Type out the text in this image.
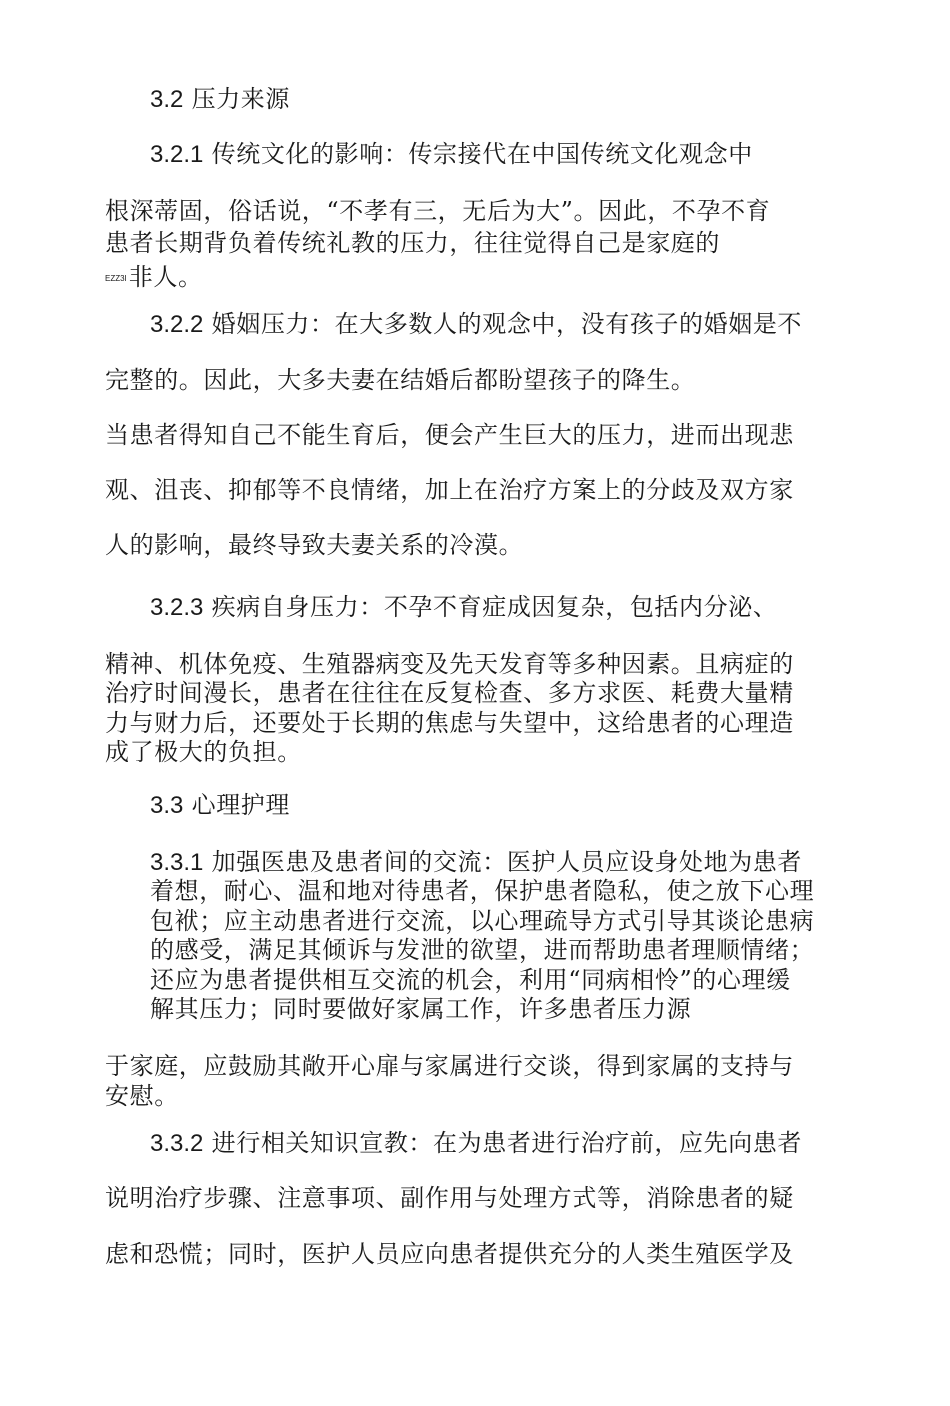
3.2 压力来源
3.2.1 传统文化的影响：传宗接代在中国传统文化观念中
根深蒂固，俗话说，“不孝有三，无后为大”。因此，不孕不育
患者长期背负着传统礼教的压力，往往觉得自己是家庭的
EZZ3I非人。
3.2.2 婚姻压力：在大多数人的观念中，没有孩子的婚姻是不
完整的。因此，大多夫妻在结婚后都盼望孩子的降生。
当患者得知自己不能生育后，便会产生巨大的压力，进而出现悲
观、沮丧、抑郁等不良情绪，加上在治疗方案上的分歧及双方家
人的影响，最终导致夫妻关系的冷漠。
3.2.3 疾病自身压力：不孕不育症成因复杂，包括内分泌、
精神、机体免疫、生殖器病变及先天发育等多种因素。且病症的
治疗时间漫长，患者在往往在反复检查、多方求医、耗费大量精
力与财力后，还要处于长期的焦虑与失望中，这给患者的心理造
成了极大的负担。
3.3 心理护理
3.3.1 加强医患及患者间的交流：医护人员应设身处地为患者
着想，耐心、温和地对待患者，保护患者隐私，使之放下心理
包袱；应主动患者进行交流，以心理疏导方式引导其谈论患病
的感受，满足其倾诉与发泄的欲望，进而帮助患者理顺情绪；
还应为患者提供相互交流的机会，利用“同病相怜”的心理缓
解其压力；同时要做好家属工作，许多患者压力源
于家庭，应鼓励其敞开心扉与家属进行交谈，得到家属的支持与
安慰。
3.3.2 进行相关知识宣教：在为患者进行治疗前，应先向患者
说明治疗步骤、注意事项、副作用与处理方式等，消除患者的疑
虑和恐慌；同时，医护人员应向患者提供充分的人类生殖医学及
